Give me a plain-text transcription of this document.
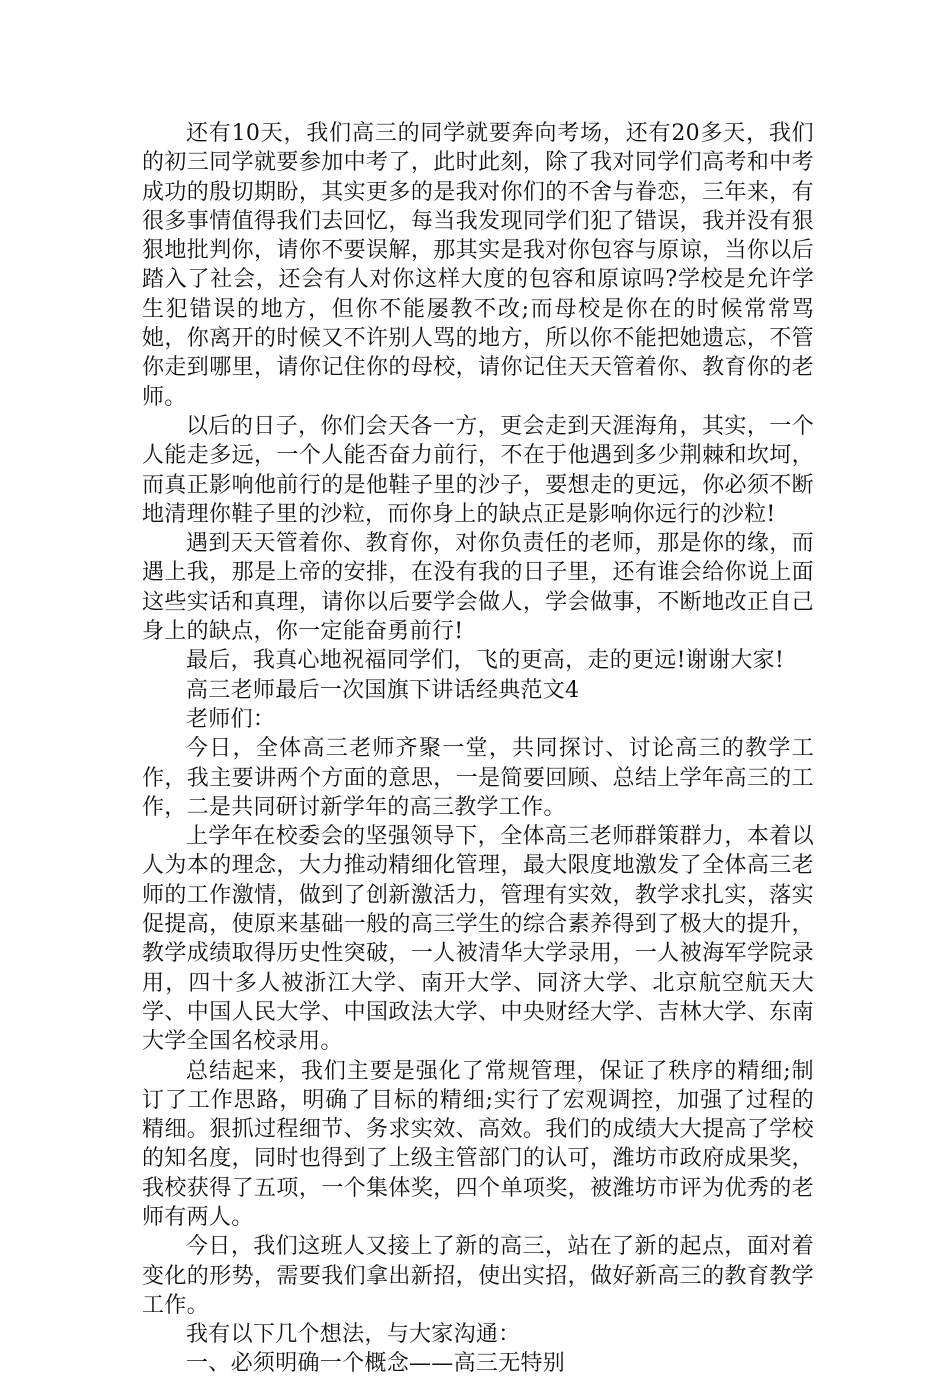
还有10天，我们高三的同学就要奔向考场，还有20多天，我们的初三同学就要参加中考了，此时此刻，除了我对同学们高考和中考成功的殷切期盼，其实更多的是我对你们的不舍与眷恋，三年来，有很多事情值得我们去回忆，每当我发现同学们犯了错误，我并没有狠狠地批判你，请你不要误解，那其实是我对你包容与原谅，当你以后踏入了社会，还会有人对你这样大度的包容和原谅吗?学校是允许学生犯错误的地方，但你不能屡教不改;而母校是你在的时候常常骂她，你离开的时候又不许别人骂的地方，所以你不能把她遗忘，不管你走到哪里，请你记住你的母校，请你记住天天管着你、教育你的老师。

以后的日子，你们会天各一方，更会走到天涯海角，其实，一个人能走多远，一个人能否奋力前行，不在于他遇到多少荆棘和坎坷，而真正影响他前行的是他鞋子里的沙子，要想走的更远，你必须不断地清理你鞋子里的沙粒，而你身上的缺点正是影响你远行的沙粒!

遇到天天管着你、教育你，对你负责任的老师，那是你的缘，而遇上我，那是上帝的安排，在没有我的日子里，还有谁会给你说上面这些实话和真理，请你以后要学会做人，学会做事，不断地改正自己身上的缺点，你一定能奋勇前行!

最后，我真心地祝福同学们，飞的更高，走的更远!谢谢大家!

高三老师最后一次国旗下讲话经典范文4

老师们：

今日，全体高三老师齐聚一堂，共同探讨、讨论高三的教学工作，我主要讲两个方面的意思，一是简要回顾、总结上学年高三的工作，二是共同研讨新学年的高三教学工作。

上学年在校委会的坚强领导下，全体高三老师群策群力，本着以人为本的理念，大力推动精细化管理，最大限度地激发了全体高三老师的工作激情，做到了创新激活力，管理有实效，教学求扎实，落实促提高，使原来基础一般的高三学生的综合素养得到了极大的提升，教学成绩取得历史性突破，一人被清华大学录用，一人被海军学院录用，四十多人被浙江大学、南开大学、同济大学、北京航空航天大学、中国人民大学、中国政法大学、中央财经大学、吉林大学、东南大学全国名校录用。

总结起来，我们主要是强化了常规管理，保证了秩序的精细;制订了工作思路，明确了目标的精细;实行了宏观调控，加强了过程的精细。狠抓过程细节、务求实效、高效。我们的成绩大大提高了学校的知名度，同时也得到了上级主管部门的认可，潍坊市政府成果奖，我校获得了五项，一个集体奖，四个单项奖，被潍坊市评为优秀的老师有两人。

今日，我们这班人又接上了新的高三，站在了新的起点，面对着变化的形势，需要我们拿出新招，使出实招，做好新高三的教育教学工作。

我有以下几个想法，与大家沟通：

一、必须明确一个概念——高三无特别
